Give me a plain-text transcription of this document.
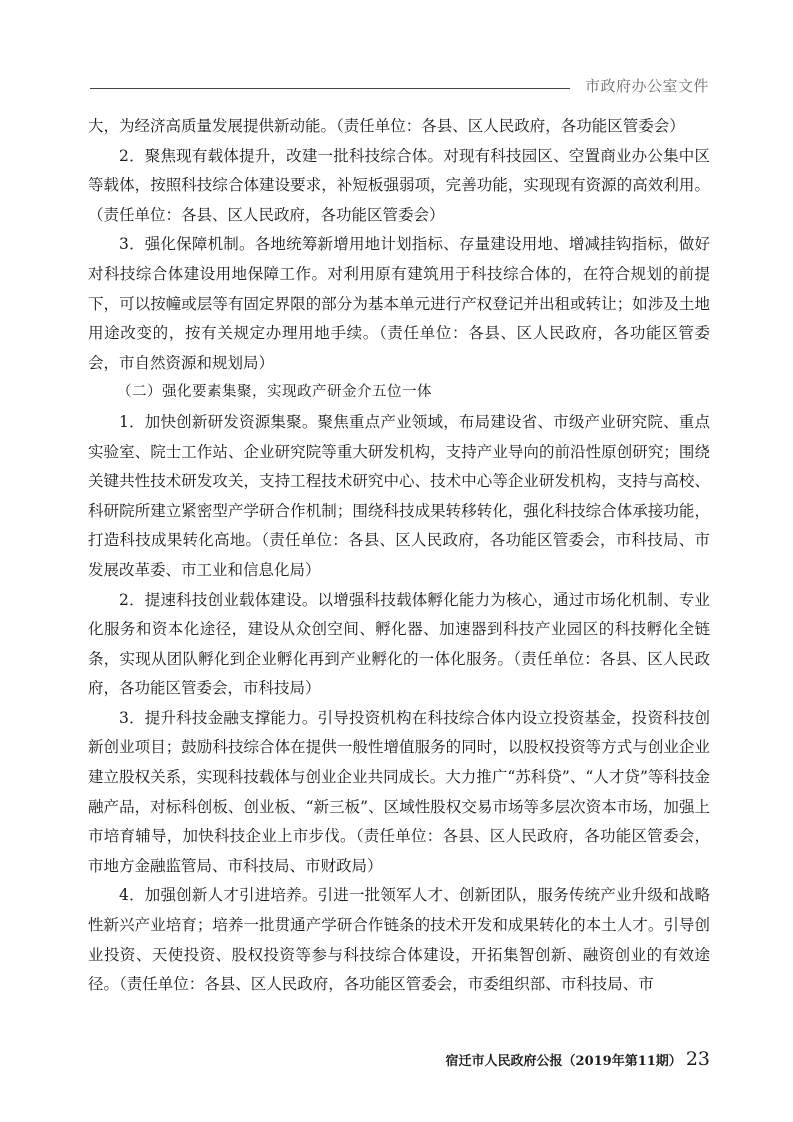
市政府办公室文件

大，为经济高质量发展提供新动能。（责任单位：各县、区人民政府，各功能区管委会）

2．聚焦现有载体提升，改建一批科技综合体。对现有科技园区、空置商业办公集中区等载体，按照科技综合体建设要求，补短板强弱项，完善功能，实现现有资源的高效利用。（责任单位：各县、区人民政府，各功能区管委会）

3．强化保障机制。各地统筹新增用地计划指标、存量建设用地、增减挂钩指标，做好对科技综合体建设用地保障工作。对利用原有建筑用于科技综合体的，在符合规划的前提下，可以按幢或层等有固定界限的部分为基本单元进行产权登记并出租或转让；如涉及土地用途改变的，按有关规定办理用地手续。（责任单位：各县、区人民政府，各功能区管委会，市自然资源和规划局）

（二）强化要素集聚，实现政产研金介五位一体

1．加快创新研发资源集聚。聚焦重点产业领域，布局建设省、市级产业研究院、重点实验室、院士工作站、企业研究院等重大研发机构，支持产业导向的前沿性原创研究；围绕关键共性技术研发攻关，支持工程技术研究中心、技术中心等企业研发机构，支持与高校、科研院所建立紧密型产学研合作机制；围绕科技成果转移转化，强化科技综合体承接功能，打造科技成果转化高地。（责任单位：各县、区人民政府，各功能区管委会，市科技局、市发展改革委、市工业和信息化局）

2．提速科技创业载体建设。以增强科技载体孵化能力为核心，通过市场化机制、专业化服务和资本化途径，建设从众创空间、孵化器、加速器到科技产业园区的科技孵化全链条，实现从团队孵化到企业孵化再到产业孵化的一体化服务。（责任单位：各县、区人民政府，各功能区管委会，市科技局）

3．提升科技金融支撑能力。引导投资机构在科技综合体内设立投资基金，投资科技创新创业项目；鼓励科技综合体在提供一般性增值服务的同时，以股权投资等方式与创业企业建立股权关系，实现科技载体与创业企业共同成长。大力推广“苏科贷”、“人才贷”等科技金融产品，对标科创板、创业板、“新三板”、区域性股权交易市场等多层次资本市场，加强上市培育辅导，加快科技企业上市步伐。（责任单位：各县、区人民政府，各功能区管委会，市地方金融监管局、市科技局、市财政局）

4．加强创新人才引进培养。引进一批领军人才、创新团队，服务传统产业升级和战略性新兴产业培育；培养一批贯通产学研合作链条的技术开发和成果转化的本土人才。引导创业投资、天使投资、股权投资等参与科技综合体建设，开拓集智创新、融资创业的有效途径。（责任单位：各县、区人民政府，各功能区管委会，市委组织部、市科技局、市

宿迁市人民政府公报（2019年第11期） 23
